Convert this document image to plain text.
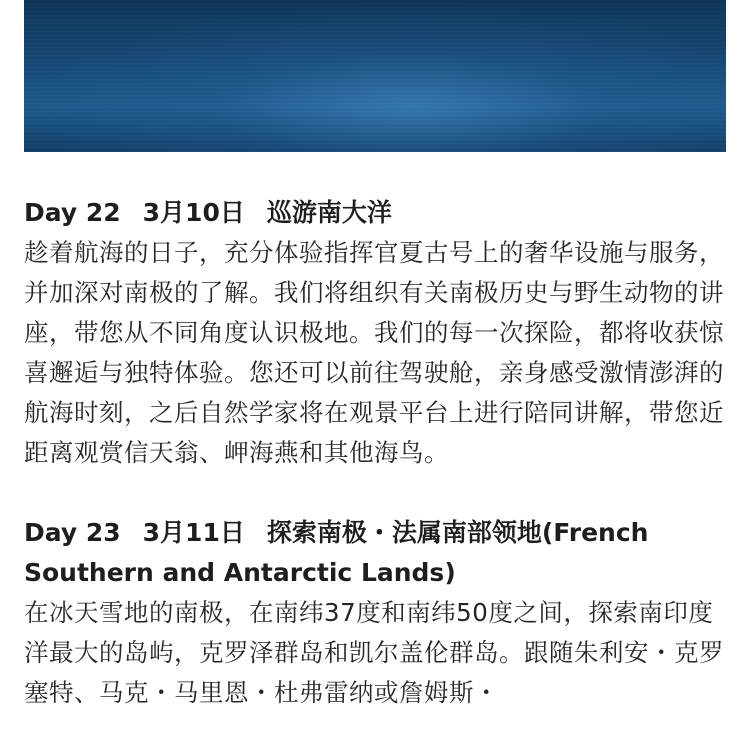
Day 22 3月10日 巡游南大洋

趁着航海的日子，充分体验指挥官夏古号上的奢华设施与服务，并加深对南极的了解。我们将组织有关南极历史与野生动物的讲座，带您从不同角度认识极地。我们的每一次探险，都将收获惊喜邂逅与独特体验。您还可以前往驾驶舱，亲身感受激情澎湃的航海时刻，之后自然学家将在观景平台上进行陪同讲解，带您近距离观赏信天翁、岬海燕和其他海鸟。

Day 23 3月11日 探索南极・法属南部领地(French Southern and Antarctic Lands)

在冰天雪地的南极，在南纬37度和南纬50度之间，探索南印度洋最大的岛屿，克罗泽群岛和凯尔盖伦群岛。跟随朱利安・克罗塞特、马克・马里恩・杜弗雷纳或詹姆斯・
